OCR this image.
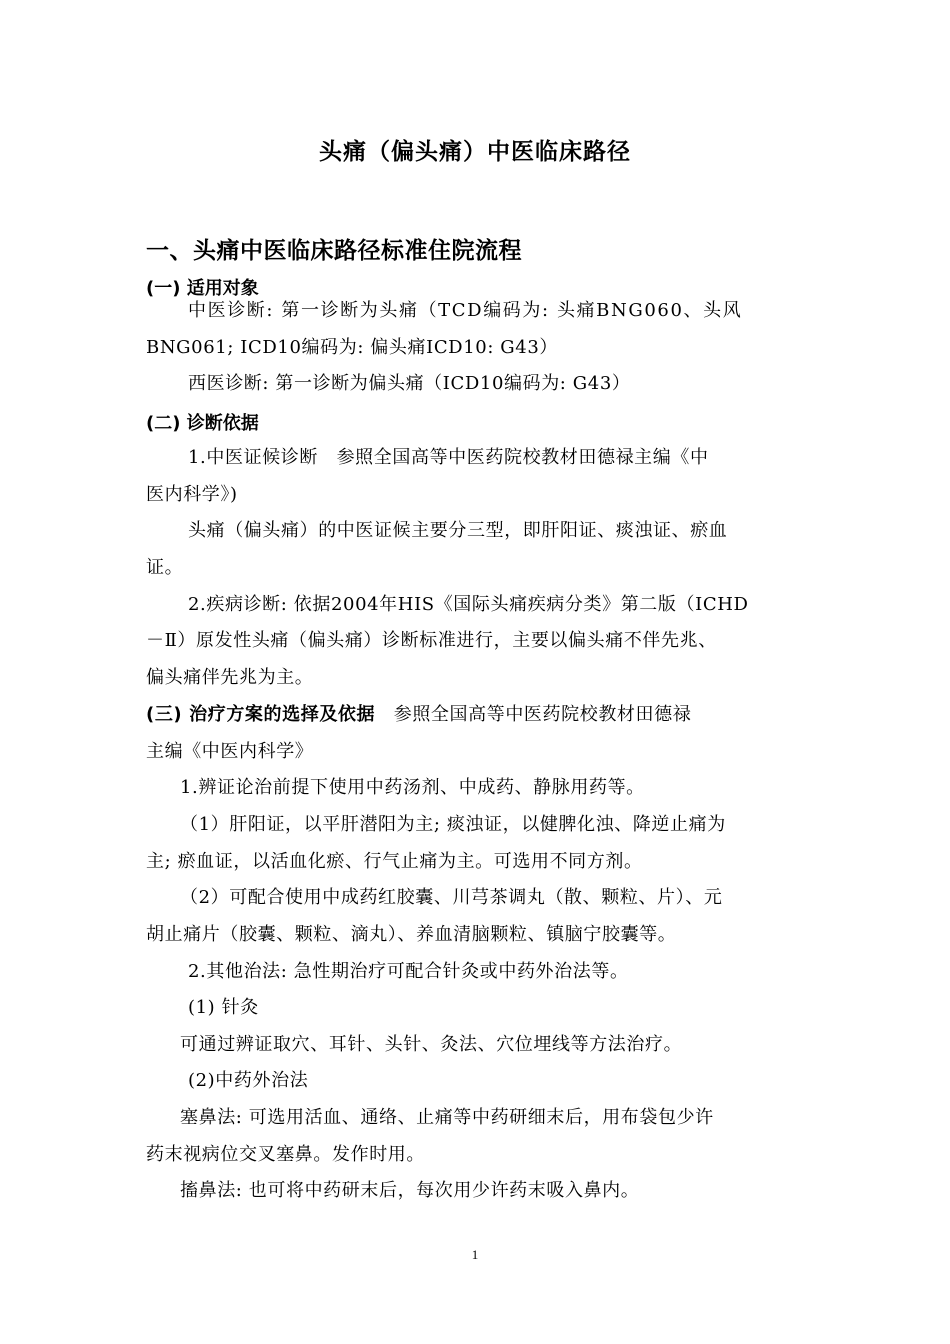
头痛（偏头痛）中医临床路径
一、头痛中医临床路径标准住院流程
(一) 适用对象
中医诊断: 第一诊断为头痛（TCD编码为: 头痛BNG060、头风
BNG061; ICD10编码为: 偏头痛ICD10: G43）
西医诊断: 第一诊断为偏头痛（ICD10编码为: G43）
(二) 诊断依据
1.中医证候诊断　参照全国高等中医药院校教材田德禄主编《中
医内科学》)
头痛（偏头痛）的中医证候主要分三型，即肝阳证、痰浊证、瘀血
证。
2.疾病诊断: 依据2004年HIS《国际头痛疾病分类》第二版（ICHD
－Ⅱ）原发性头痛（偏头痛）诊断标准进行，主要以偏头痛不伴先兆、
偏头痛伴先兆为主。
(三) 治疗方案的选择及依据　 参照全国高等中医药院校教材田德禄
主编《中医内科学》
1.辨证论治前提下使用中药汤剂、中成药、静脉用药等。
（1）肝阳证，以平肝潜阳为主; 痰浊证，以健脾化浊、降逆止痛为
主; 瘀血证，以活血化瘀、行气止痛为主。可选用不同方剂。
（2）可配合使用中成药红胶囊、川芎茶调丸（散、颗粒、片）、元
胡止痛片（胶囊、颗粒、滴丸）、养血清脑颗粒、镇脑宁胶囊等。
2.其他治法: 急性期治疗可配合针灸或中药外治法等。
(1) 针灸
可通过辨证取穴、耳针、头针、灸法、穴位埋线等方法治疗。
(2)中药外治法
塞鼻法: 可选用活血、通络、止痛等中药研细末后，用布袋包少许
药末视病位交叉塞鼻。发作时用。
搐鼻法: 也可将中药研末后，每次用少许药末吸入鼻内。
1
